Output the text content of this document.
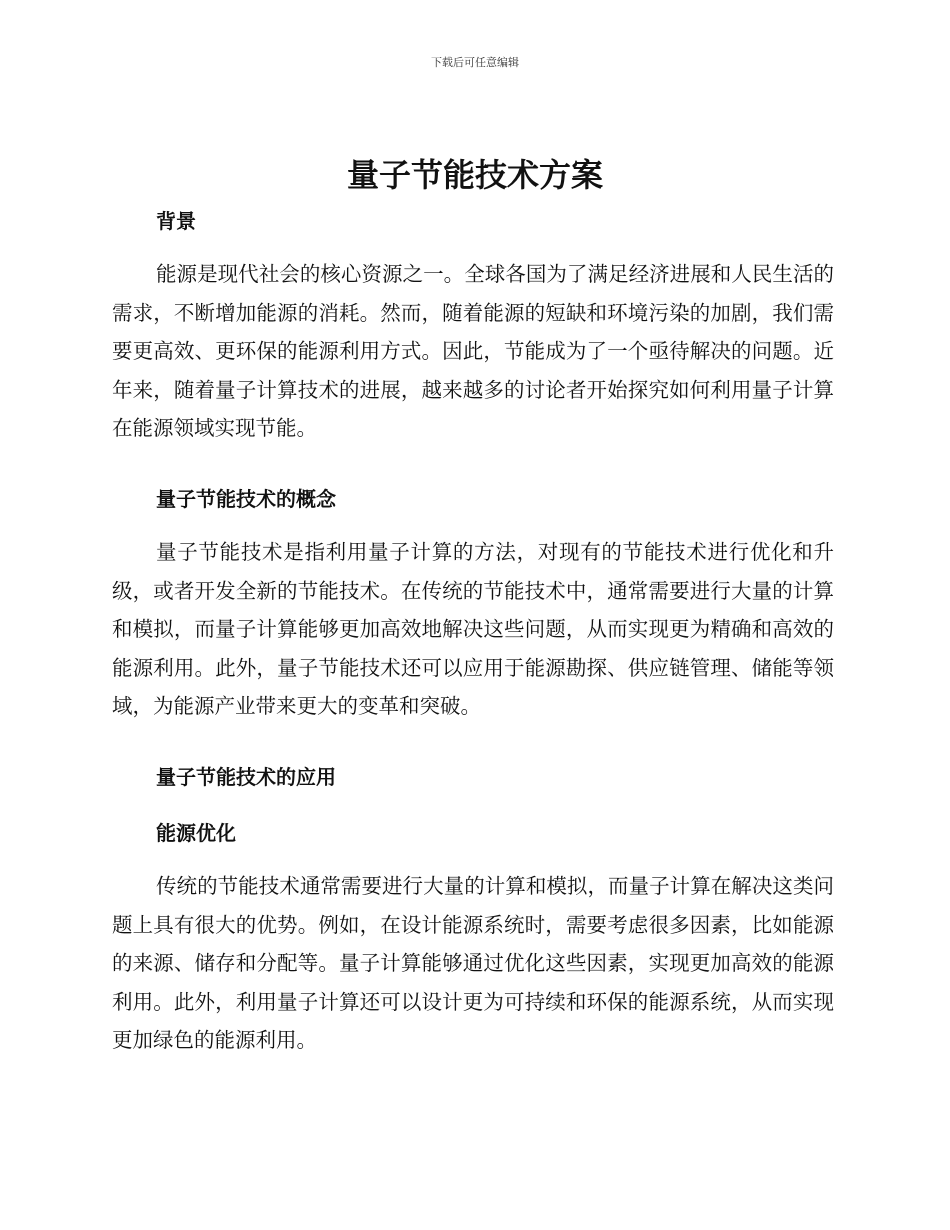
下载后可任意编辑
量子节能技术方案
背景

能源是现代社会的核心资源之一。全球各国为了满足经济进展和人民生活的需求，不断增加能源的消耗。然而，随着能源的短缺和环境污染的加剧，我们需要更高效、更环保的能源利用方式。因此，节能成为了一个亟待解决的问题。近年来，随着量子计算技术的进展，越来越多的讨论者开始探究如何利用量子计算在能源领域实现节能。

量子节能技术的概念

量子节能技术是指利用量子计算的方法，对现有的节能技术进行优化和升级，或者开发全新的节能技术。在传统的节能技术中，通常需要进行大量的计算和模拟，而量子计算能够更加高效地解决这些问题，从而实现更为精确和高效的能源利用。此外，量子节能技术还可以应用于能源勘探、供应链管理、储能等领域，为能源产业带来更大的变革和突破。

量子节能技术的应用
能源优化

传统的节能技术通常需要进行大量的计算和模拟，而量子计算在解决这类问题上具有很大的优势。例如，在设计能源系统时，需要考虑很多因素，比如能源的来源、储存和分配等。量子计算能够通过优化这些因素，实现更加高效的能源利用。此外，利用量子计算还可以设计更为可持续和环保的能源系统，从而实现更加绿色的能源利用。
